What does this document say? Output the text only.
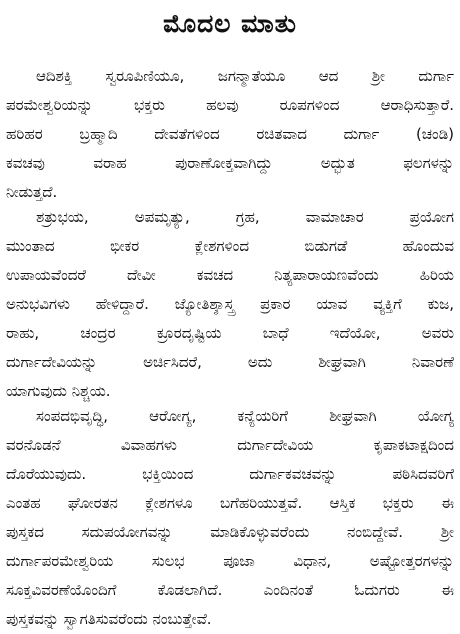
ಮೊದಲ ಮಾತು
ಆದಿಶಕ್ತಿ ಸ್ವರೂಪಿಣಿಯೂ, ಜಗನ್ಮಾತೆಯೂ ಆದ ಶ್ರೀ ದುರ್ಗಾ
ಪರಮೇಶ್ವರಿಯನ್ನು ಭಕ್ತರು ಹಲವು ರೂಪಗಳಿಂದ ಆರಾಧಿಸುತ್ತಾರೆ.
ಹರಿಹರ ಬ್ರಹ್ಮಾದಿ ದೇವತೆಗಳಿಂದ ರಚಿತವಾದ ದುರ್ಗಾ (ಚಂಡಿ)
ಕವಚವು ವರಾಹ ಪುರಾಣೋಕ್ತವಾಗಿದ್ದು ಅದ್ಭುತ ಫಲಗಳನ್ನು
ನೀಡುತ್ತದೆ.
ಶತ್ರುಭಯ, ಅಪಮೃತ್ಯು, ಗ್ರಹ, ವಾಮಾಚಾರ ಪ್ರಯೋಗ
ಮುಂತಾದ ಭೀಕರ ಕ್ಲೇಶಗಳಿಂದ ಬಿಡುಗಡೆ ಹೊಂದುವ
ಉಪಾಯವೆಂದರೆ ದೇವೀ ಕವಚದ ನಿತ್ಯಪಾರಾಯಣವೆಂದು ಹಿರಿಯ
ಅನುಭವಿಗಳು ಹೇಳಿದ್ದಾರೆ. ಜ್ಯೋತಿಶ್ಶಾಸ್ತ್ರ ಪ್ರಕಾರ ಯಾವ ವ್ಯಕ್ತಿಗೆ ಕುಜ,
ರಾಹು, ಚಂದ್ರರ ಕ್ರೂರದೃಷ್ಟಿಯ ಬಾಧೆ ಇದೆಯೋ, ಅವರು
ದುರ್ಗಾದೇವಿಯನ್ನು ಅರ್ಚಿಸಿದರೆ, ಅದು ಶೀಘ್ರವಾಗಿ ನಿವಾರಣೆ
ಯಾಗುವುದು ನಿಶ್ಚಯ.
ಸಂಪದಭಿವೃದ್ಧಿ, ಆರೋಗ್ಯ, ಕನ್ಯೆಯರಿಗೆ ಶೀಘ್ರವಾಗಿ ಯೋಗ್ಯ
ವರನೊಡನೆ ವಿವಾಹಗಳು ದುರ್ಗಾದೇವಿಯ ಕೃಪಾಕಟಾಕ್ಷದಿಂದ
ದೊರೆಯುವುದು. ಭಕ್ತಿಯಿಂದ ದುರ್ಗಾಕವಚವನ್ನು ಪಠಿಸಿದವರಿಗೆ
ಎಂತಹ ಘೋರತನ ಕ್ಲೇಶಗಳೂ ಬಗೆಹರಿಯುತ್ತವೆ. ಆಸ್ತಿಕ ಭಕ್ತರು ಈ
ಪುಸ್ತಕದ ಸದುಪಯೋಗವನ್ನು ಮಾಡಿಕೊಳ್ಳುವರೆಂದು ನಂಬಿದ್ದೇವೆ. ಶ್ರೀ
ದುರ್ಗಾಪರಮೇಶ್ವರಿಯ ಸುಲಭ ಪೂಜಾ ವಿಧಾನ, ಅಷ್ಟೋತ್ತರಗಳನ್ನು
ಸೂಕ್ತವಿವರಣೆಯೊಂದಿಗೆ ಕೊಡಲಾಗಿದೆ. ಎಂದಿನಂತೆ ಓದುಗರು ಈ
ಪುಸ್ತಕವನ್ನು ಸ್ವಾಗತಿಸುವರೆಂದು ನಂಬುತ್ತೇವೆ.
